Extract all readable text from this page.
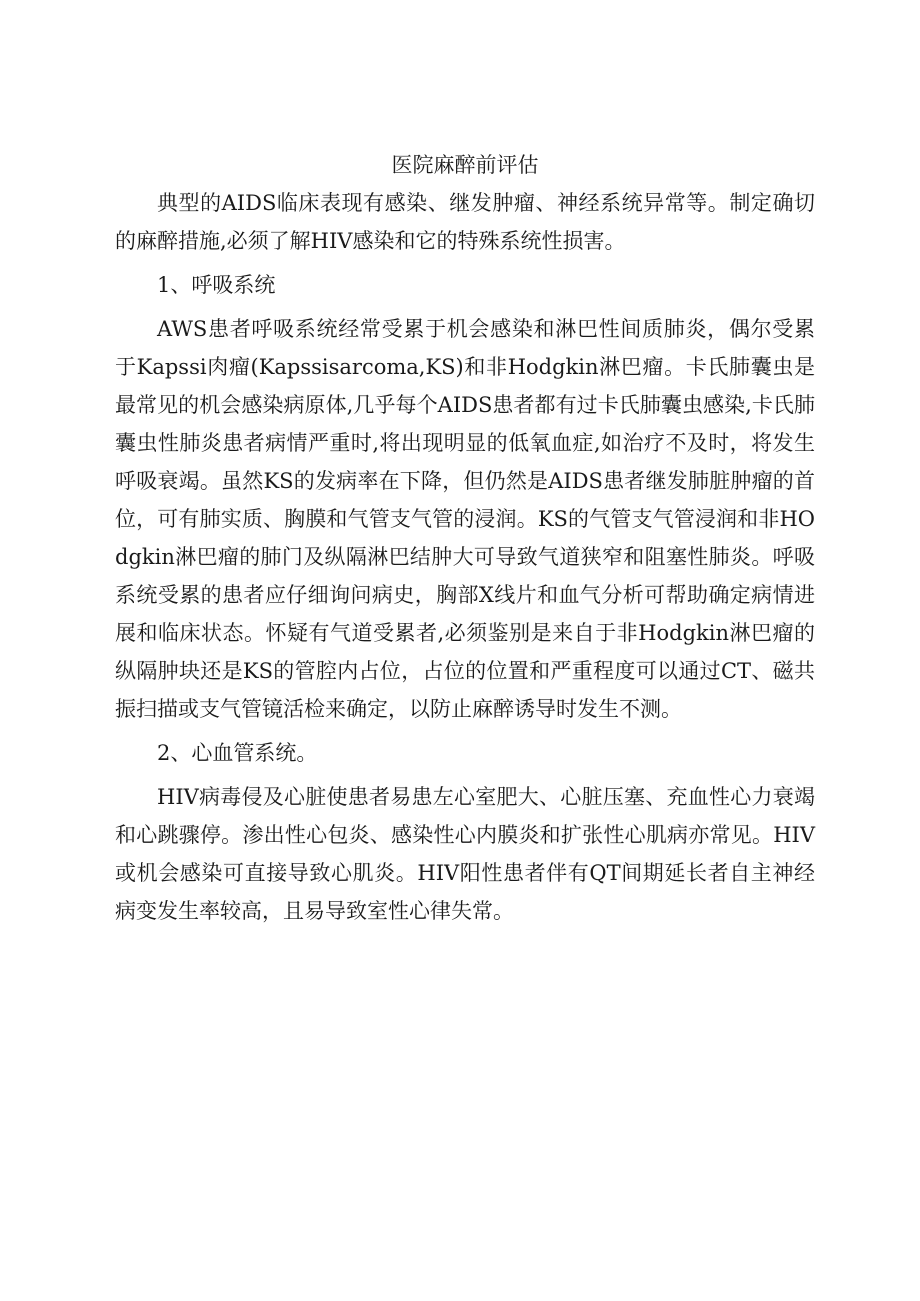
医院麻醉前评估

典型的AIDS临床表现有感染、继发肿瘤、神经系统异常等。制定确切的麻醉措施,必须了解HIV感染和它的特殊系统性损害。

1、呼吸系统

AWS患者呼吸系统经常受累于机会感染和淋巴性间质肺炎，偶尔受累于Kapssi肉瘤(Kapssisarcoma,KS)和非Hodgkin淋巴瘤。卡氏肺囊虫是最常见的机会感染病原体,几乎每个AIDS患者都有过卡氏肺囊虫感染,卡氏肺囊虫性肺炎患者病情严重时,将出现明显的低氧血症,如治疗不及时，将发生呼吸衰竭。虽然KS的发病率在下降，但仍然是AIDS患者继发肺脏肿瘤的首位，可有肺实质、胸膜和气管支气管的浸润。KS的气管支气管浸润和非HOdgkin淋巴瘤的肺门及纵隔淋巴结肿大可导致气道狭窄和阻塞性肺炎。呼吸系统受累的患者应仔细询问病史，胸部X线片和血气分析可帮助确定病情进展和临床状态。怀疑有气道受累者,必须鉴别是来自于非Hodgkin淋巴瘤的纵隔肿块还是KS的管腔内占位，占位的位置和严重程度可以通过CT、磁共振扫描或支气管镜活检来确定，以防止麻醉诱导时发生不测。

2、心血管系统。

HIV病毒侵及心脏使患者易患左心室肥大、心脏压塞、充血性心力衰竭和心跳骤停。渗出性心包炎、感染性心内膜炎和扩张性心肌病亦常见。HIV或机会感染可直接导致心肌炎。HIV阳性患者伴有QT间期延长者自主神经病变发生率较高，且易导致室性心律失常。
